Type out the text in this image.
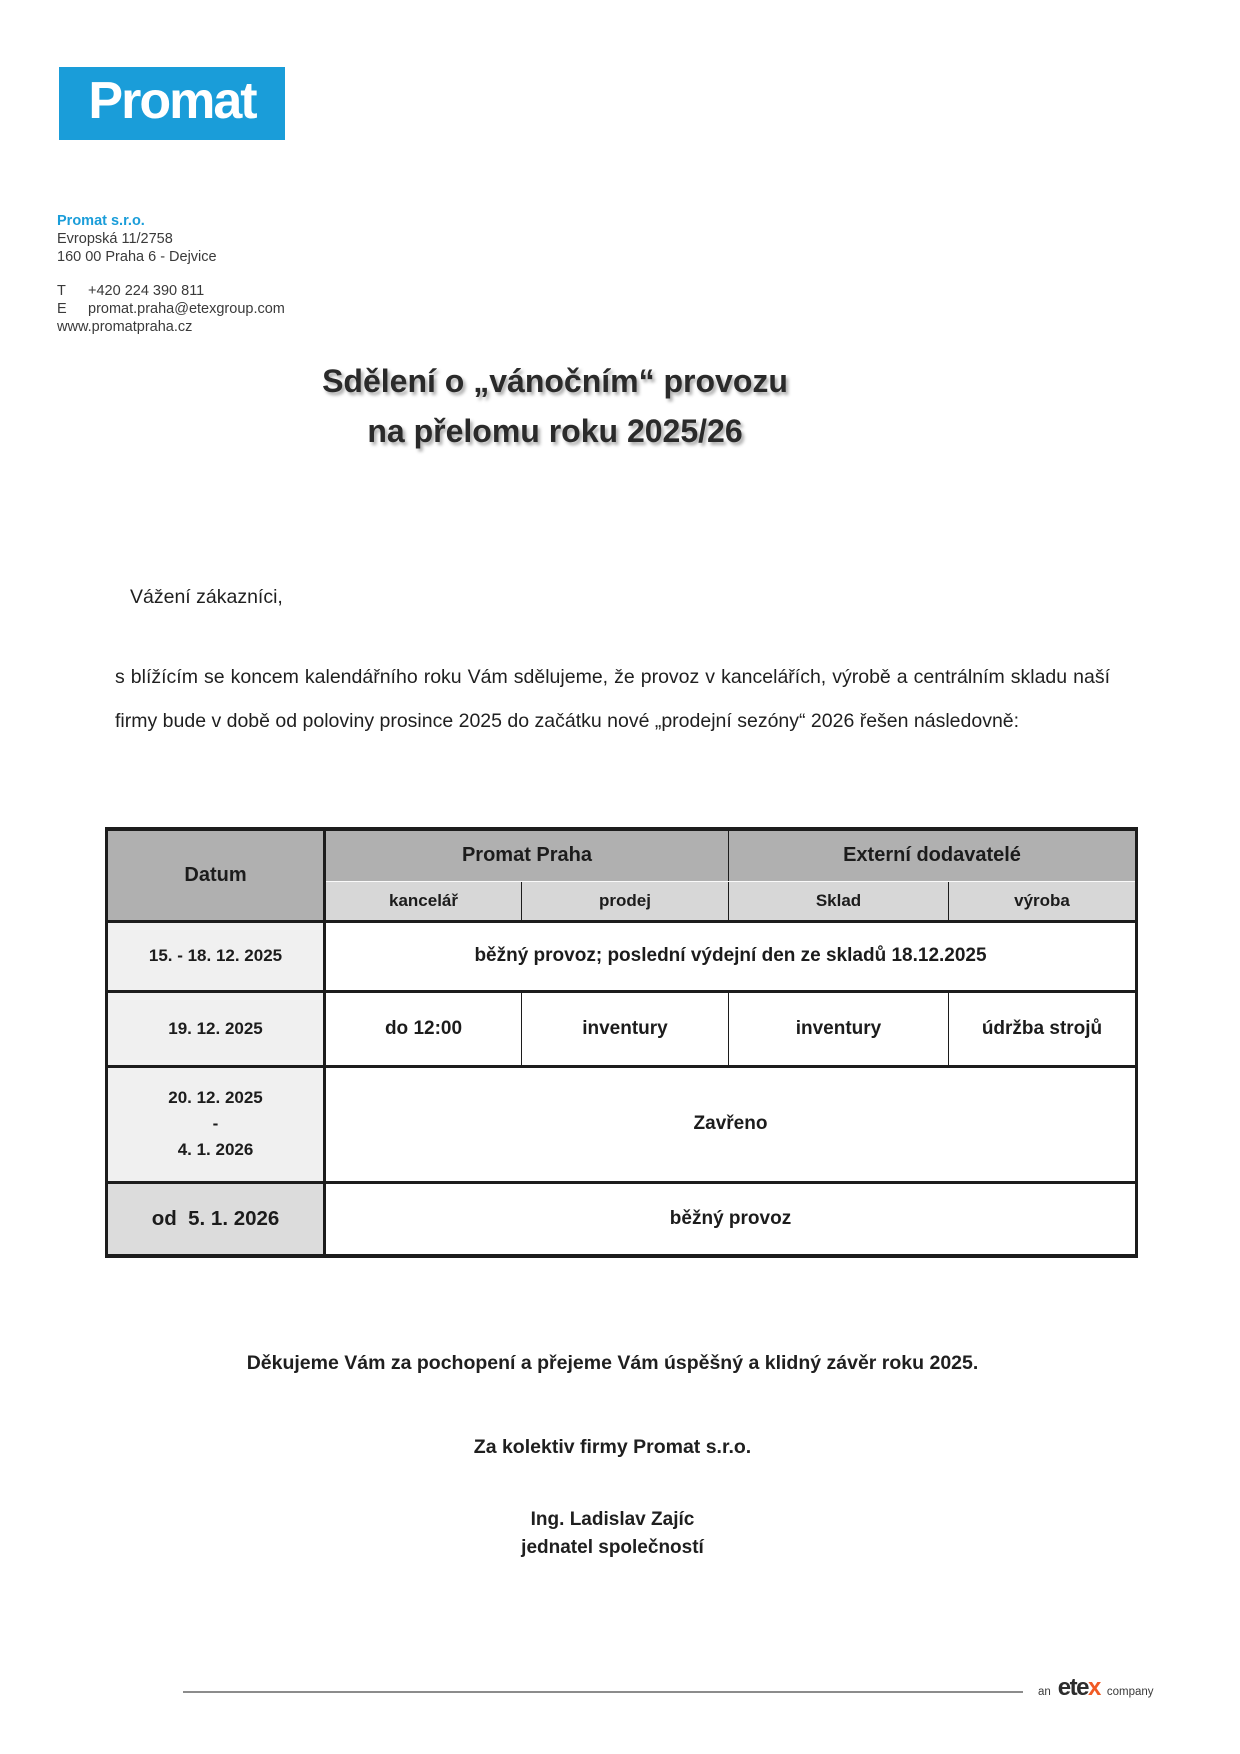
Promat
Promat s.r.o.
Evropská 11/2758
160 00 Praha 6 - Dejvice
T	+420 224 390 811
E	promat.praha@etexgroup.com
www.promatpraha.cz
Sdělení o „vánočním“ provozu
na přelomu roku 2025/26
Vážení zákazníci,
s blížícím se koncem kalendářního roku Vám sdělujeme, že provoz v kancelářích, výrobě a centrálním skladu naší firmy bude v době od poloviny prosince 2025 do začátku nové „prodejní sezóny“ 2026 řešen následovně:
Datum	Promat Praha		Externí dodavatelé	
	kancelář	prodej	Sklad	výroba
15. - 18. 12. 2025	běžný provoz; poslední výdejní den ze skladů 18.12.2025			
19. 12. 2025	do 12:00	inventury	inventury	údržba strojů

20. 12. 2025
-
4. 1. 2026	Zavřeno			
od  5. 1. 2026	běžný provoz			
Děkujeme Vám za pochopení a přejeme Vám úspěšný a klidný závěr roku 2025.
Za kolektiv firmy Promat s.r.o.
Ing. Ladislav Zajíc
jednatel společností
an etex company
